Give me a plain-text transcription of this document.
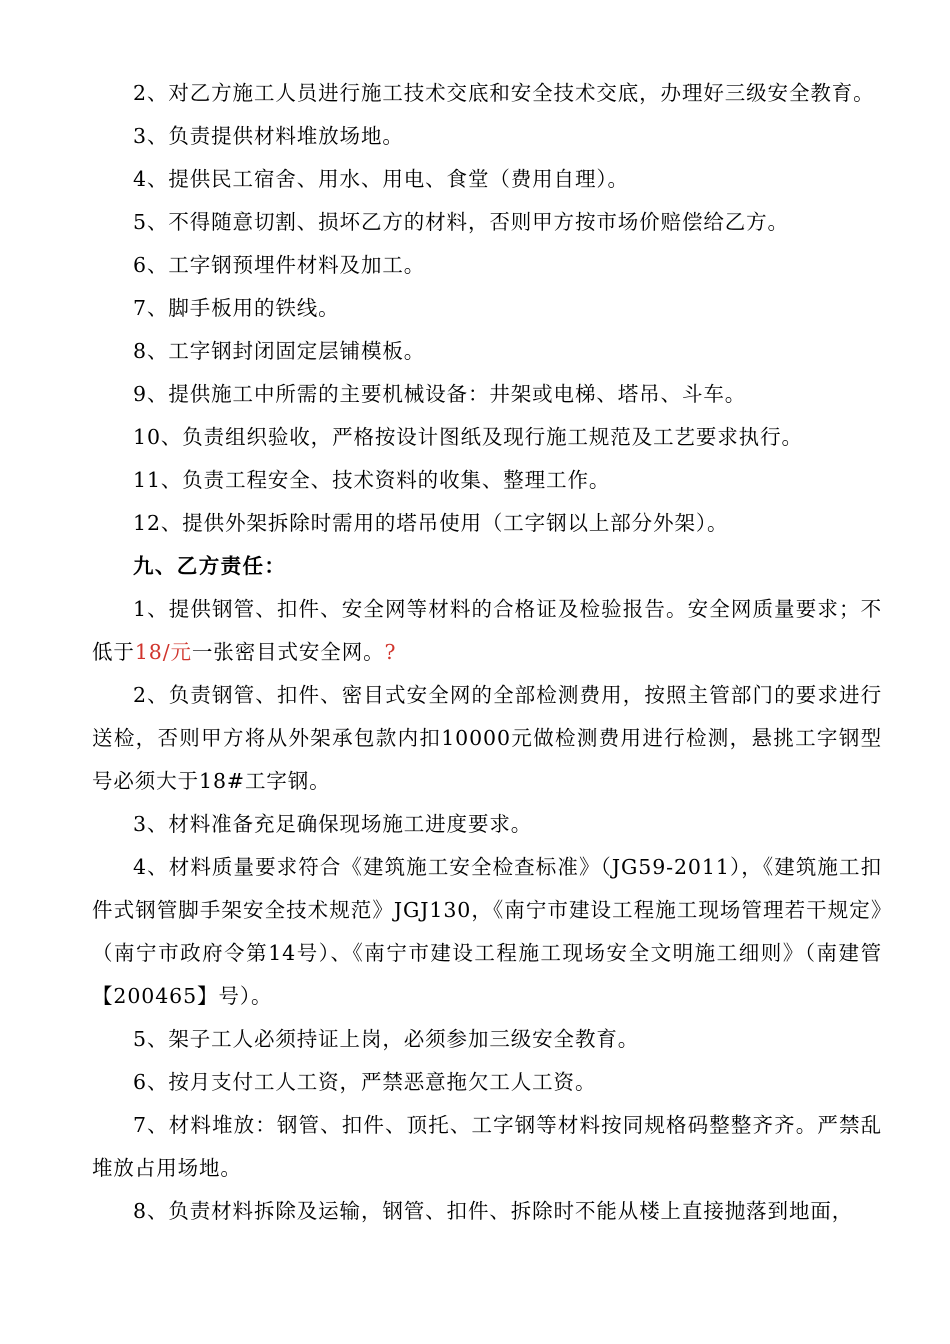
2、对乙方施工人员进行施工技术交底和安全技术交底，办理好三级安全教育。

3、负责提供材料堆放场地。

4、提供民工宿舍、用水、用电、食堂（费用自理）。

5、不得随意切割、损坏乙方的材料，否则甲方按市场价赔偿给乙方。

6、工字钢预埋件材料及加工。

7、脚手板用的铁线。

8、工字钢封闭固定层铺模板。

9、提供施工中所需的主要机械设备：井架或电梯、塔吊、斗车。

10、负责组织验收，严格按设计图纸及现行施工规范及工艺要求执行。

11、负责工程安全、技术资料的收集、整理工作。

12、提供外架拆除时需用的塔吊使用（工字钢以上部分外架）。

九、乙方责任：

1、提供钢管、扣件、安全网等材料的合格证及检验报告。安全网质量要求；不低于18/元一张密目式安全网。?

2、负责钢管、扣件、密目式安全网的全部检测费用，按照主管部门的要求进行送检，否则甲方将从外架承包款内扣10000元做检测费用进行检测，悬挑工字钢型号必须大于18#工字钢。

3、材料准备充足确保现场施工进度要求。

4、材料质量要求符合《建筑施工安全检查标准》（JG59-2011），《建筑施工扣件式钢管脚手架安全技术规范》JGJ130，《南宁市建设工程施工现场管理若干规定》（南宁市政府令第14号）、《南宁市建设工程施工现场安全文明施工细则》（南建管【200465】号）。

5、架子工人必须持证上岗，必须参加三级安全教育。

6、按月支付工人工资，严禁恶意拖欠工人工资。

7、材料堆放：钢管、扣件、顶托、工字钢等材料按同规格码整整齐齐。严禁乱堆放占用场地。

8、负责材料拆除及运输，钢管、扣件、拆除时不能从楼上直接抛落到地面，
